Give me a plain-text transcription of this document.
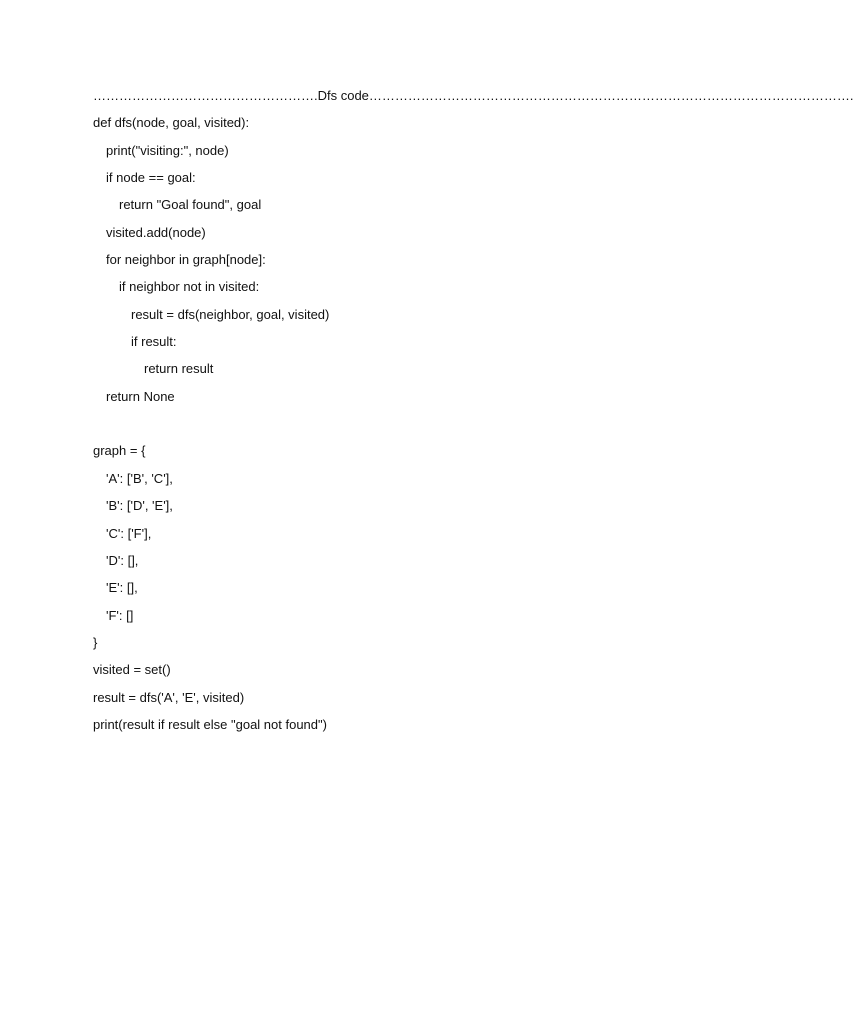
…………………………………………….Dfs code………………………………………………………………………………………………….
def dfs(node, goal, visited):
print("visiting:", node)
if node == goal:
return "Goal found", goal
visited.add(node)
for neighbor in graph[node]:
if neighbor not in visited:
result = dfs(neighbor, goal, visited)
if result:
return result
return None
graph = {
'A': ['B', 'C'],
'B': ['D', 'E'],
'C': ['F'],
'D': [],
'E': [],
'F': []
}
visited = set()
result = dfs('A', 'E', visited)
print(result if result else "goal not found")
